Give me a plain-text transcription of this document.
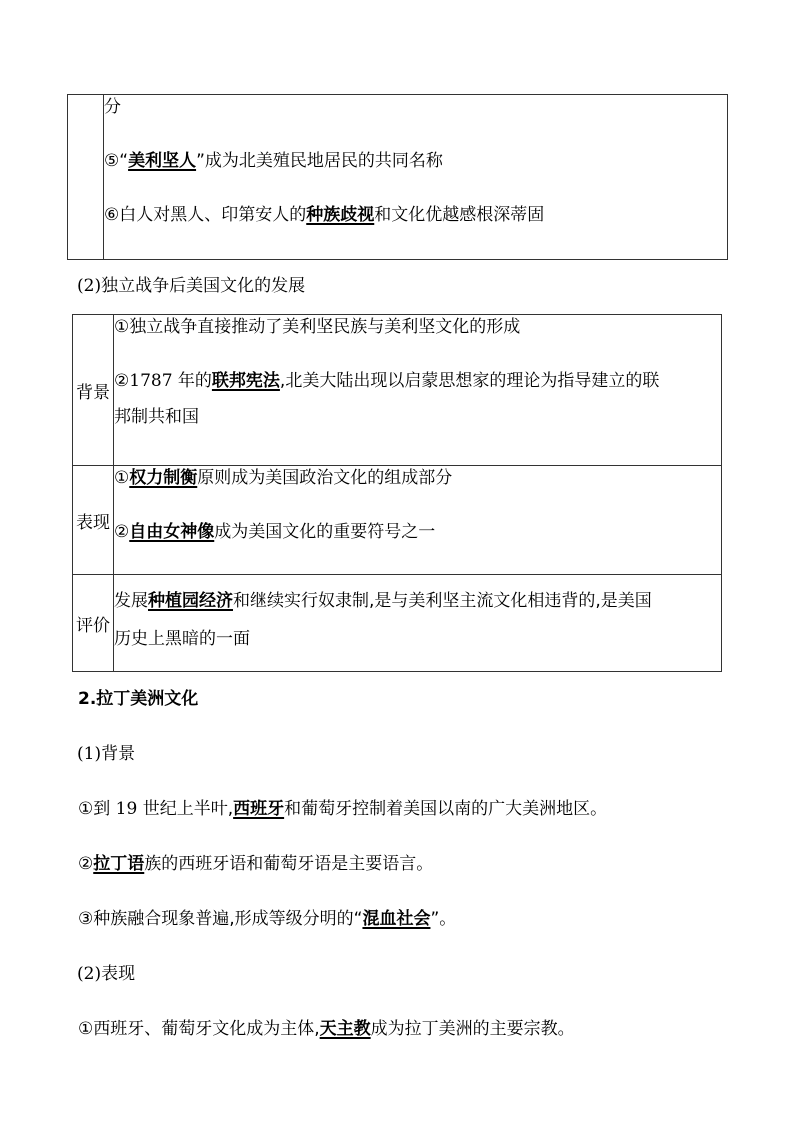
分

⑤“美利坚人”成为北美殖民地居民的共同名称

⑥白人对黑人、印第安人的种族歧视和文化优越感根深蒂固

(2)独立战争后美国文化的发展
背景	①独立战争直接推动了美利坚民族与美利坚文化的形成

②1787 年的联邦宪法,北美大陆出现以启蒙思想家的理论为指导建立的联

邦制共和国

表现	①权力制衡原则成为美国政治文化的组成部分

②自由女神像成为美国文化的重要符号之一

评价	发展种植园经济和继续实行奴隶制,是与美利坚主流文化相违背的,是美国

历史上黑暗的一面

2.拉丁美洲文化
(1)背景
①到 19 世纪上半叶,西班牙和葡萄牙控制着美国以南的广大美洲地区。
②拉丁语族的西班牙语和葡萄牙语是主要语言。
③种族融合现象普遍,形成等级分明的“混血社会”。
(2)表现
①西班牙、葡萄牙文化成为主体,天主教成为拉丁美洲的主要宗教。
